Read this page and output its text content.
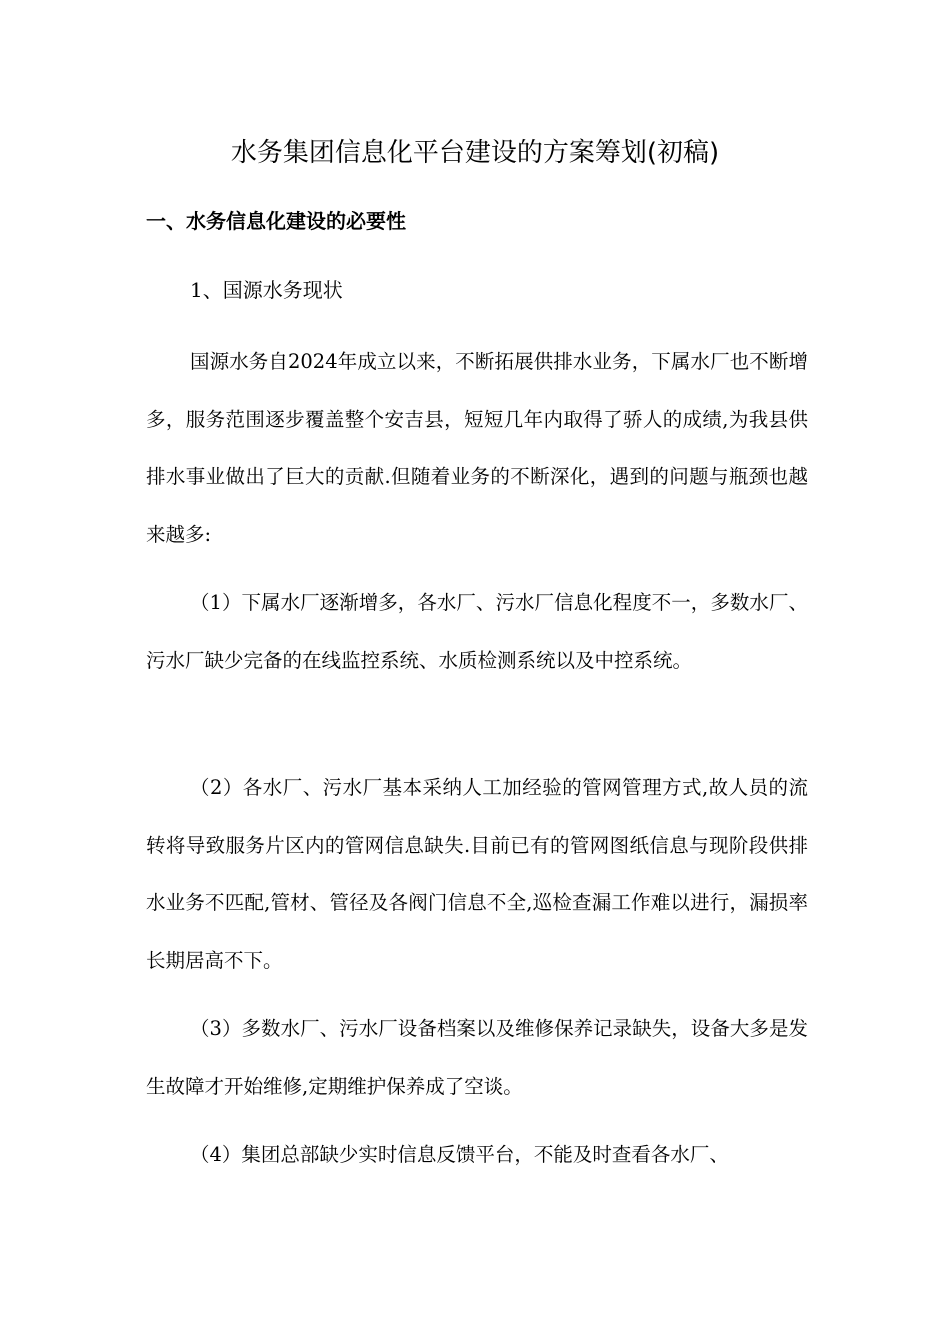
水务集团信息化平台建设的方案筹划(初稿)
一、水务信息化建设的必要性
1、国源水务现状

国源水务自2024年成立以来，不断拓展供排水业务，下属水厂也不断增多，服务范围逐步覆盖整个安吉县，短短几年内取得了骄人的成绩,为我县供排水事业做出了巨大的贡献.但随着业务的不断深化，遇到的问题与瓶颈也越来越多:

（1）下属水厂逐渐增多，各水厂、污水厂信息化程度不一，多数水厂、污水厂缺少完备的在线监控系统、水质检测系统以及中控系统。

（2）各水厂、污水厂基本采纳人工加经验的管网管理方式,故人员的流转将导致服务片区内的管网信息缺失.目前已有的管网图纸信息与现阶段供排水业务不匹配,管材、管径及各阀门信息不全,巡检查漏工作难以进行，漏损率长期居高不下。

（3）多数水厂、污水厂设备档案以及维修保养记录缺失，设备大多是发生故障才开始维修,定期维护保养成了空谈。

（4）集团总部缺少实时信息反馈平台，不能及时查看各水厂、
